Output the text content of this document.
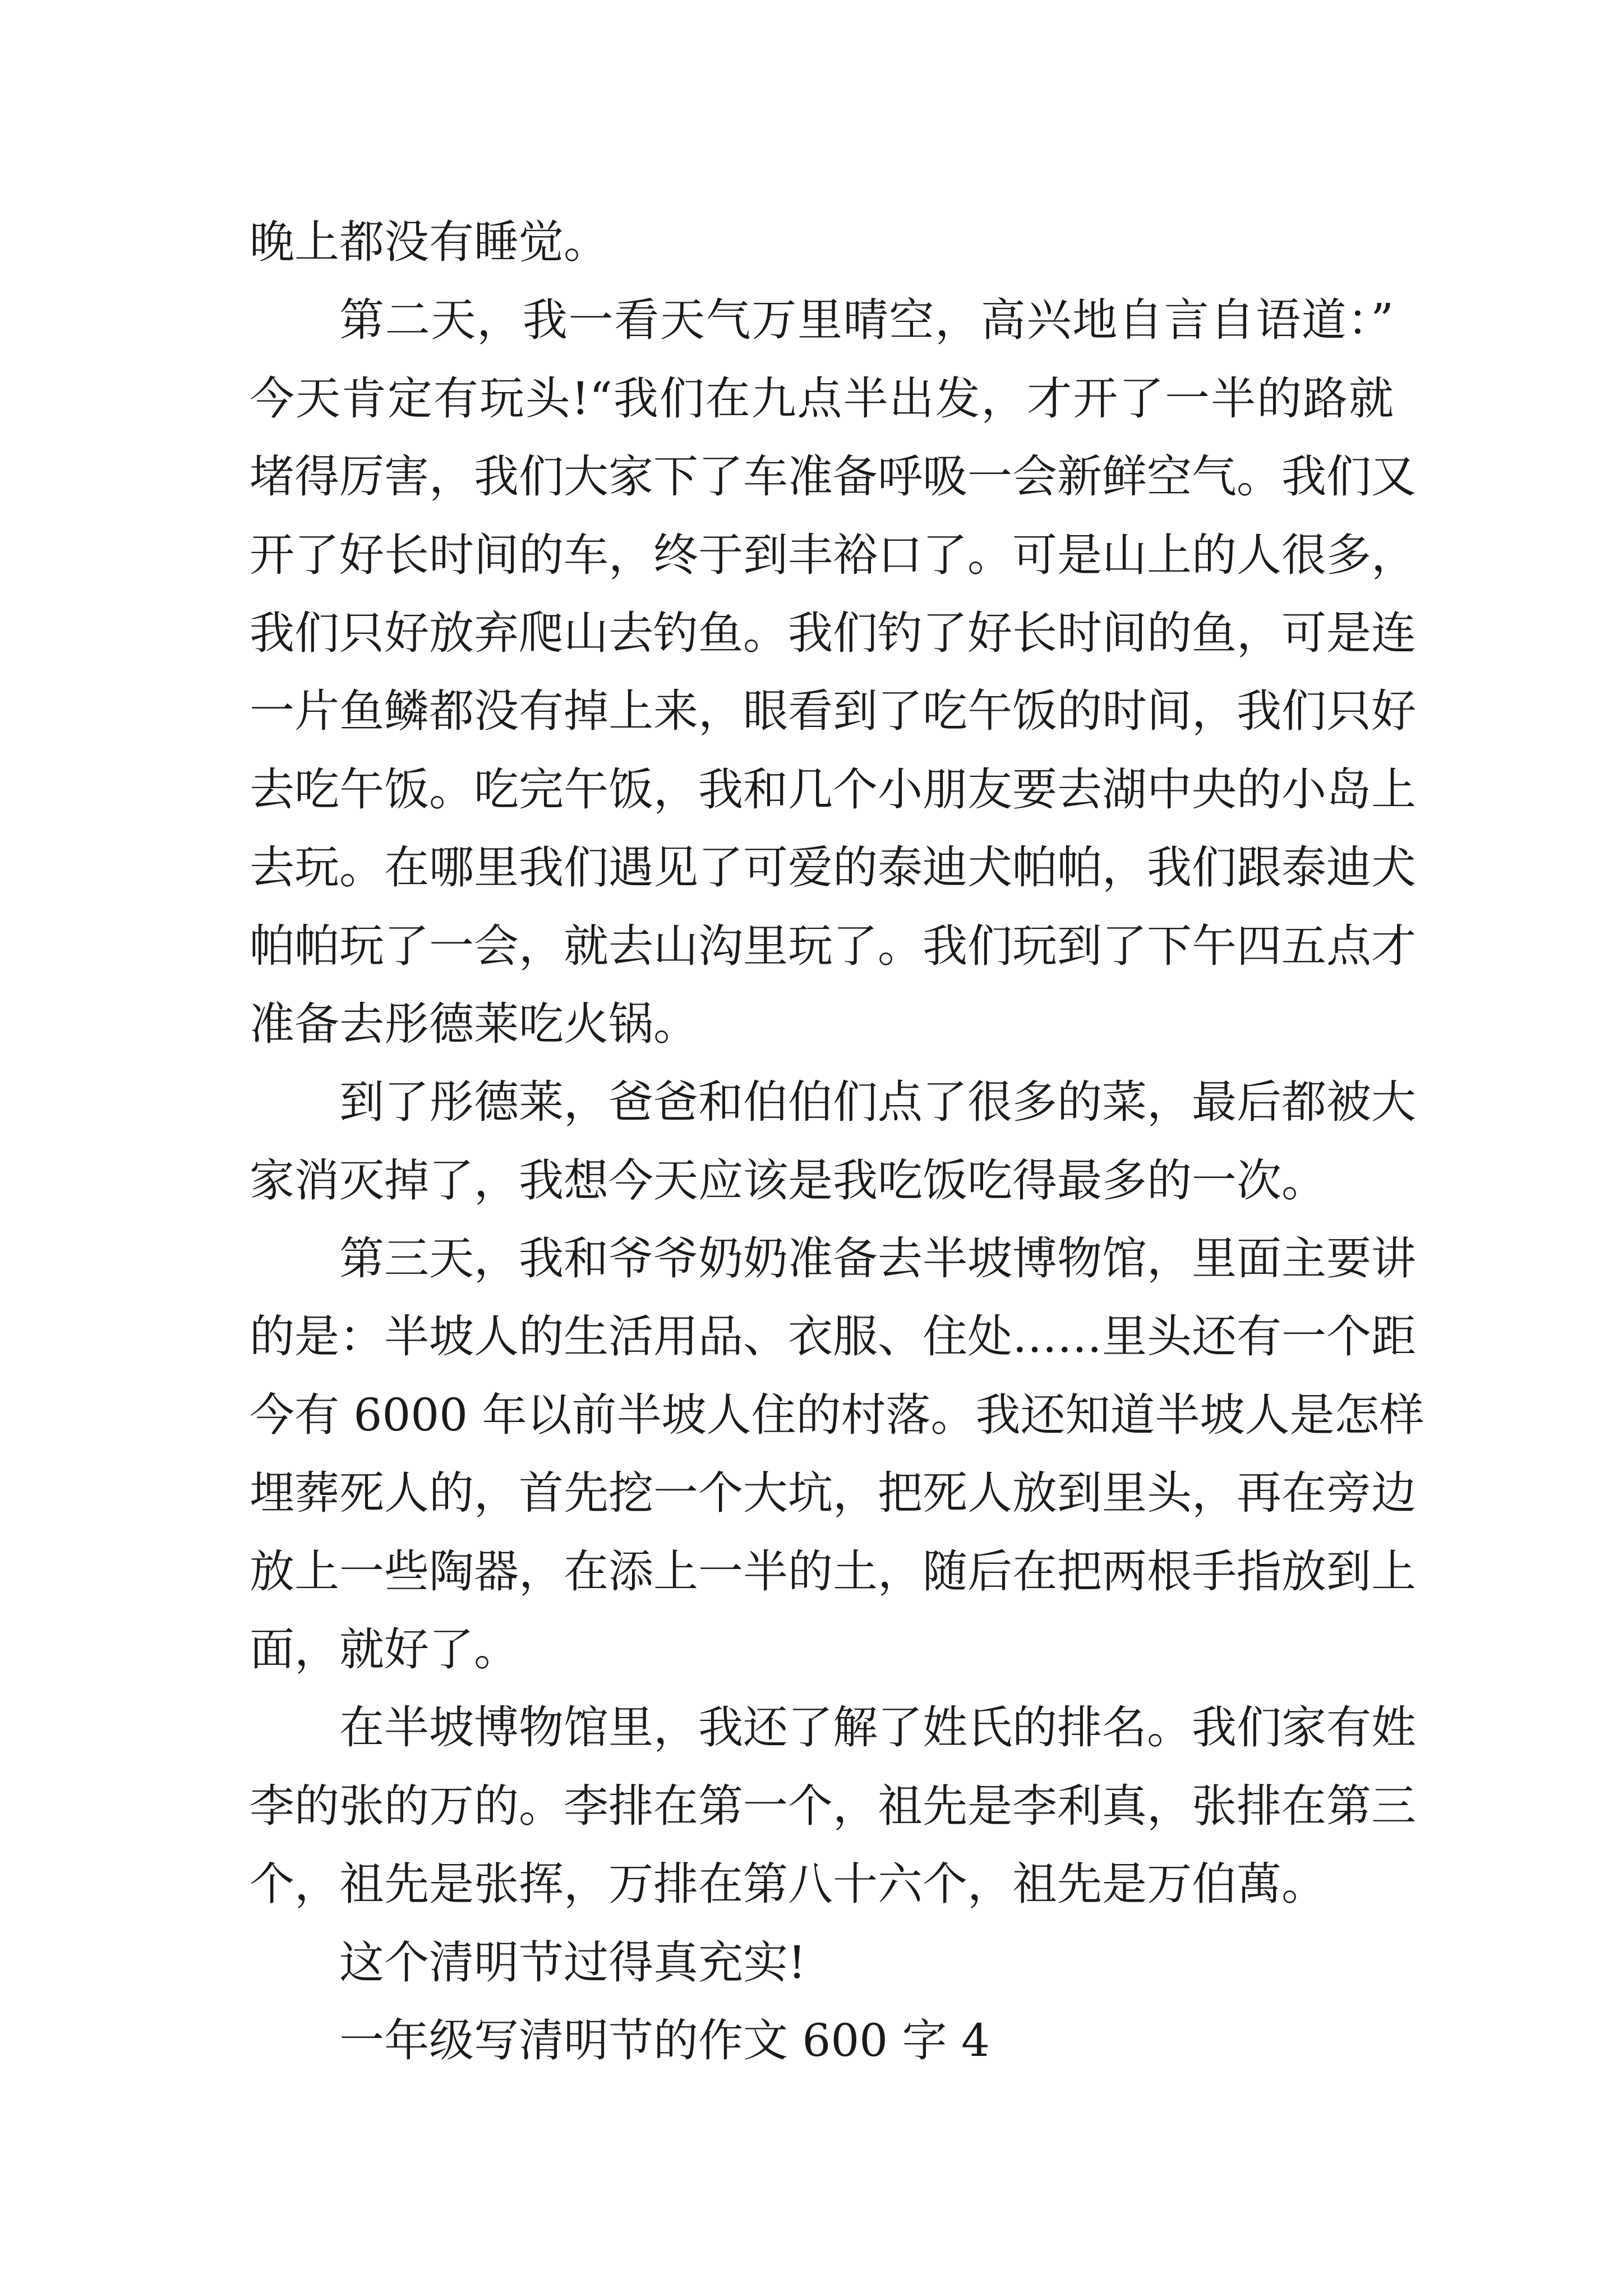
晚上都没有睡觉。
第二天，我一看天气万里晴空，高兴地自言自语道：”
今天肯定有玩头!“我们在九点半出发，才开了一半的路就
堵得厉害，我们大家下了车准备呼吸一会新鲜空气。我们又
开了好长时间的车，终于到丰裕口了。可是山上的人很多，
我们只好放弃爬山去钓鱼。我们钓了好长时间的鱼，可是连
一片鱼鳞都没有掉上来，眼看到了吃午饭的时间，我们只好
去吃午饭。吃完午饭，我和几个小朋友要去湖中央的小岛上
去玩。在哪里我们遇见了可爱的泰迪犬帕帕，我们跟泰迪犬
帕帕玩了一会，就去山沟里玩了。我们玩到了下午四五点才
准备去彤德莱吃火锅。
到了彤德莱，爸爸和伯伯们点了很多的菜，最后都被大
家消灭掉了，我想今天应该是我吃饭吃得最多的一次。
第三天，我和爷爷奶奶准备去半坡博物馆，里面主要讲
的是：半坡人的生活用品、衣服、住处……里头还有一个距
今有 6000 年以前半坡人住的村落。我还知道半坡人是怎样
埋葬死人的，首先挖一个大坑，把死人放到里头，再在旁边
放上一些陶器，在添上一半的土，随后在把两根手指放到上
面，就好了。
在半坡博物馆里，我还了解了姓氏的排名。我们家有姓
李的张的万的。李排在第一个，祖先是李利真，张排在第三
个，祖先是张挥，万排在第八十六个，祖先是万伯萬。
这个清明节过得真充实!
一年级写清明节的作文 600 字 4
